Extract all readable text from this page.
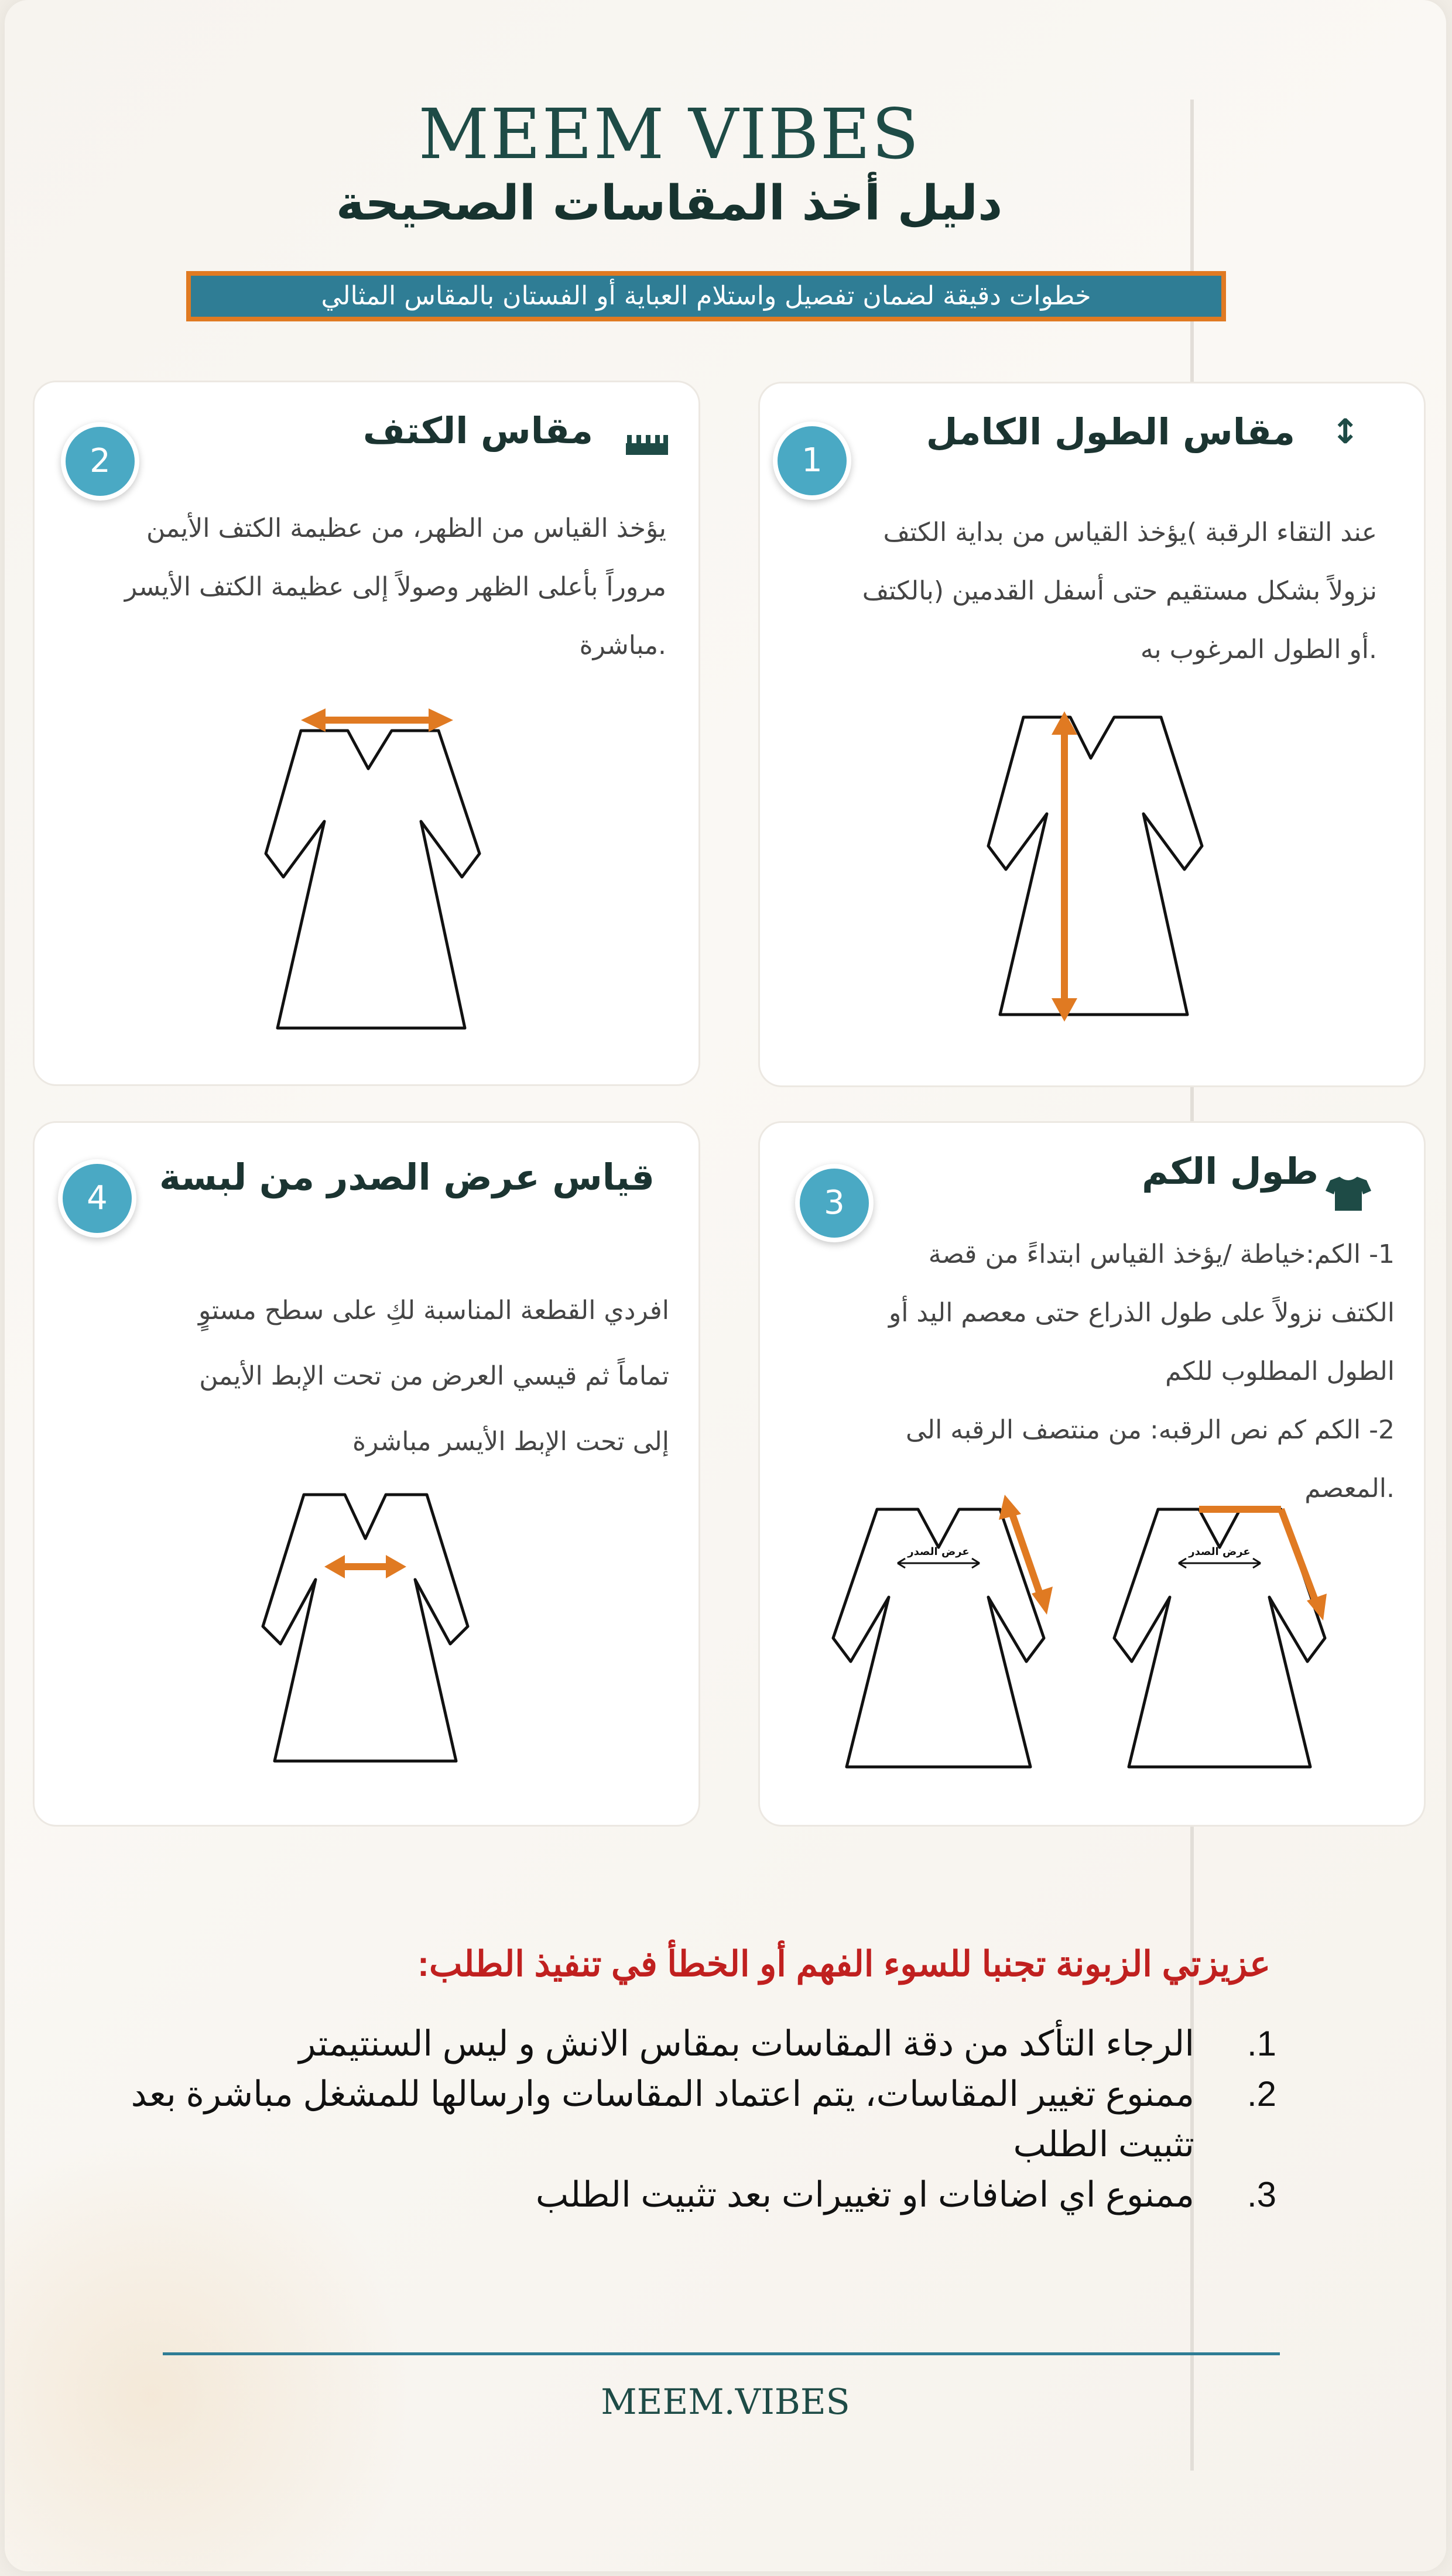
MEEM VIBES
دليل أخذ المقاسات الصحيحة
خطوات دقيقة لضمان تفصيل واستلام العباية أو الفستان بالمقاس المثالي
مقاس الطول الكامل ↕
1

عند التقاء الرقبة )يؤخذ القياس من بداية الكتف

نزولاً بشكل مستقيم حتى أسفل القدمين (بالكتف

.أو الطول المرغوب به

مقاس الكتف
2

يؤخذ القياس من الظهر، من عظيمة الكتف الأيمن

مروراً بأعلى الظهر وصولاً إلى عظيمة الكتف الأيسر

.مباشرة

طول الكم
3

1- الكم:خياطة /يؤخذ القياس ابتداءً من قصة

الكتف نزولاً على طول الذراع حتى معصم اليد أو

الطول المطلوب للكم

2- الكم كم نص الرقبه: من منتصف الرقبه الى

.المعصم

عرض الصدر	عرض الصدر
قياس عرض الصدر من لبسة
4

افردي القطعة المناسبة لكِ على سطح مستوٍ

تماماً ثم قيسي العرض من تحت الإبط الأيمن

إلى تحت الإبط الأيسر مباشرة

عزيزتي الزبونة تجنبا للسوء الفهم أو الخطأ في تنفيذ الطلب:
1.
الرجاء التأكد من دقة المقاسات بمقاس الانش و ليس السنتيمتر
2.
ممنوع تغيير المقاسات، يتم اعتماد المقاسات وارسالها للمشغل مباشرة بعد تثبيت الطلب
3.
ممنوع اي اضافات او تغييرات بعد تثبيت الطلب
MEEM.VIBES
